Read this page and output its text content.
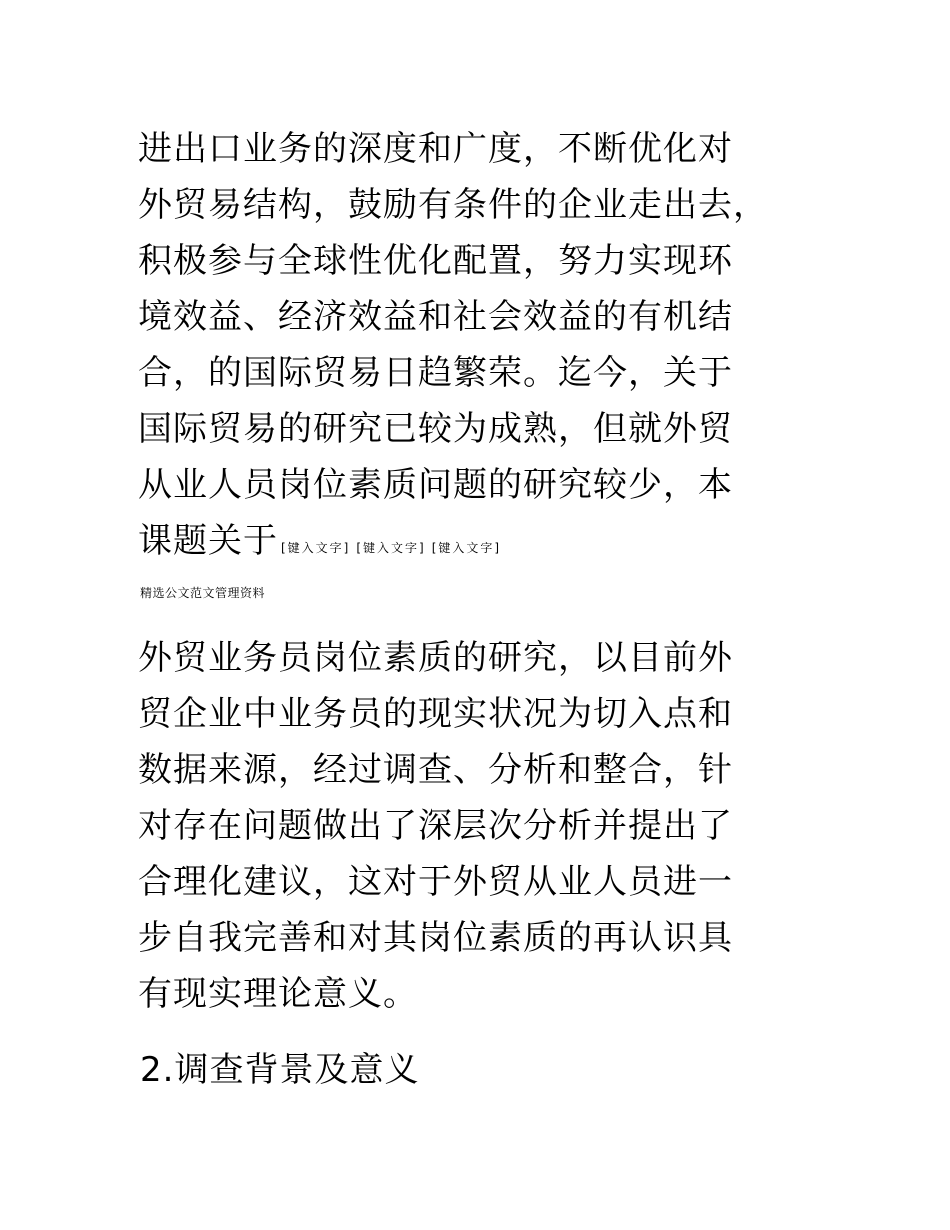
进出口业务的深度和广度，不断优化对
外贸易结构，鼓励有条件的企业走出去，
积极参与全球性优化配置，努力实现环
境效益、经济效益和社会效益的有机结
合，的国际贸易日趋繁荣。迄今，关于
国际贸易的研究已较为成熟，但就外贸
从业人员岗位素质问题的研究较少，本
课题关于 [键入文字] [键入文字] [键入文字]
精选公文范文管理资料
外贸业务员岗位素质的研究，以目前外
贸企业中业务员的现实状况为切入点和
数据来源，经过调查、分析和整合，针
对存在问题做出了深层次分析并提出了
合理化建议，这对于外贸从业人员进一
步自我完善和对其岗位素质的再认识具
有现实理论意义。
2.调查背景及意义
